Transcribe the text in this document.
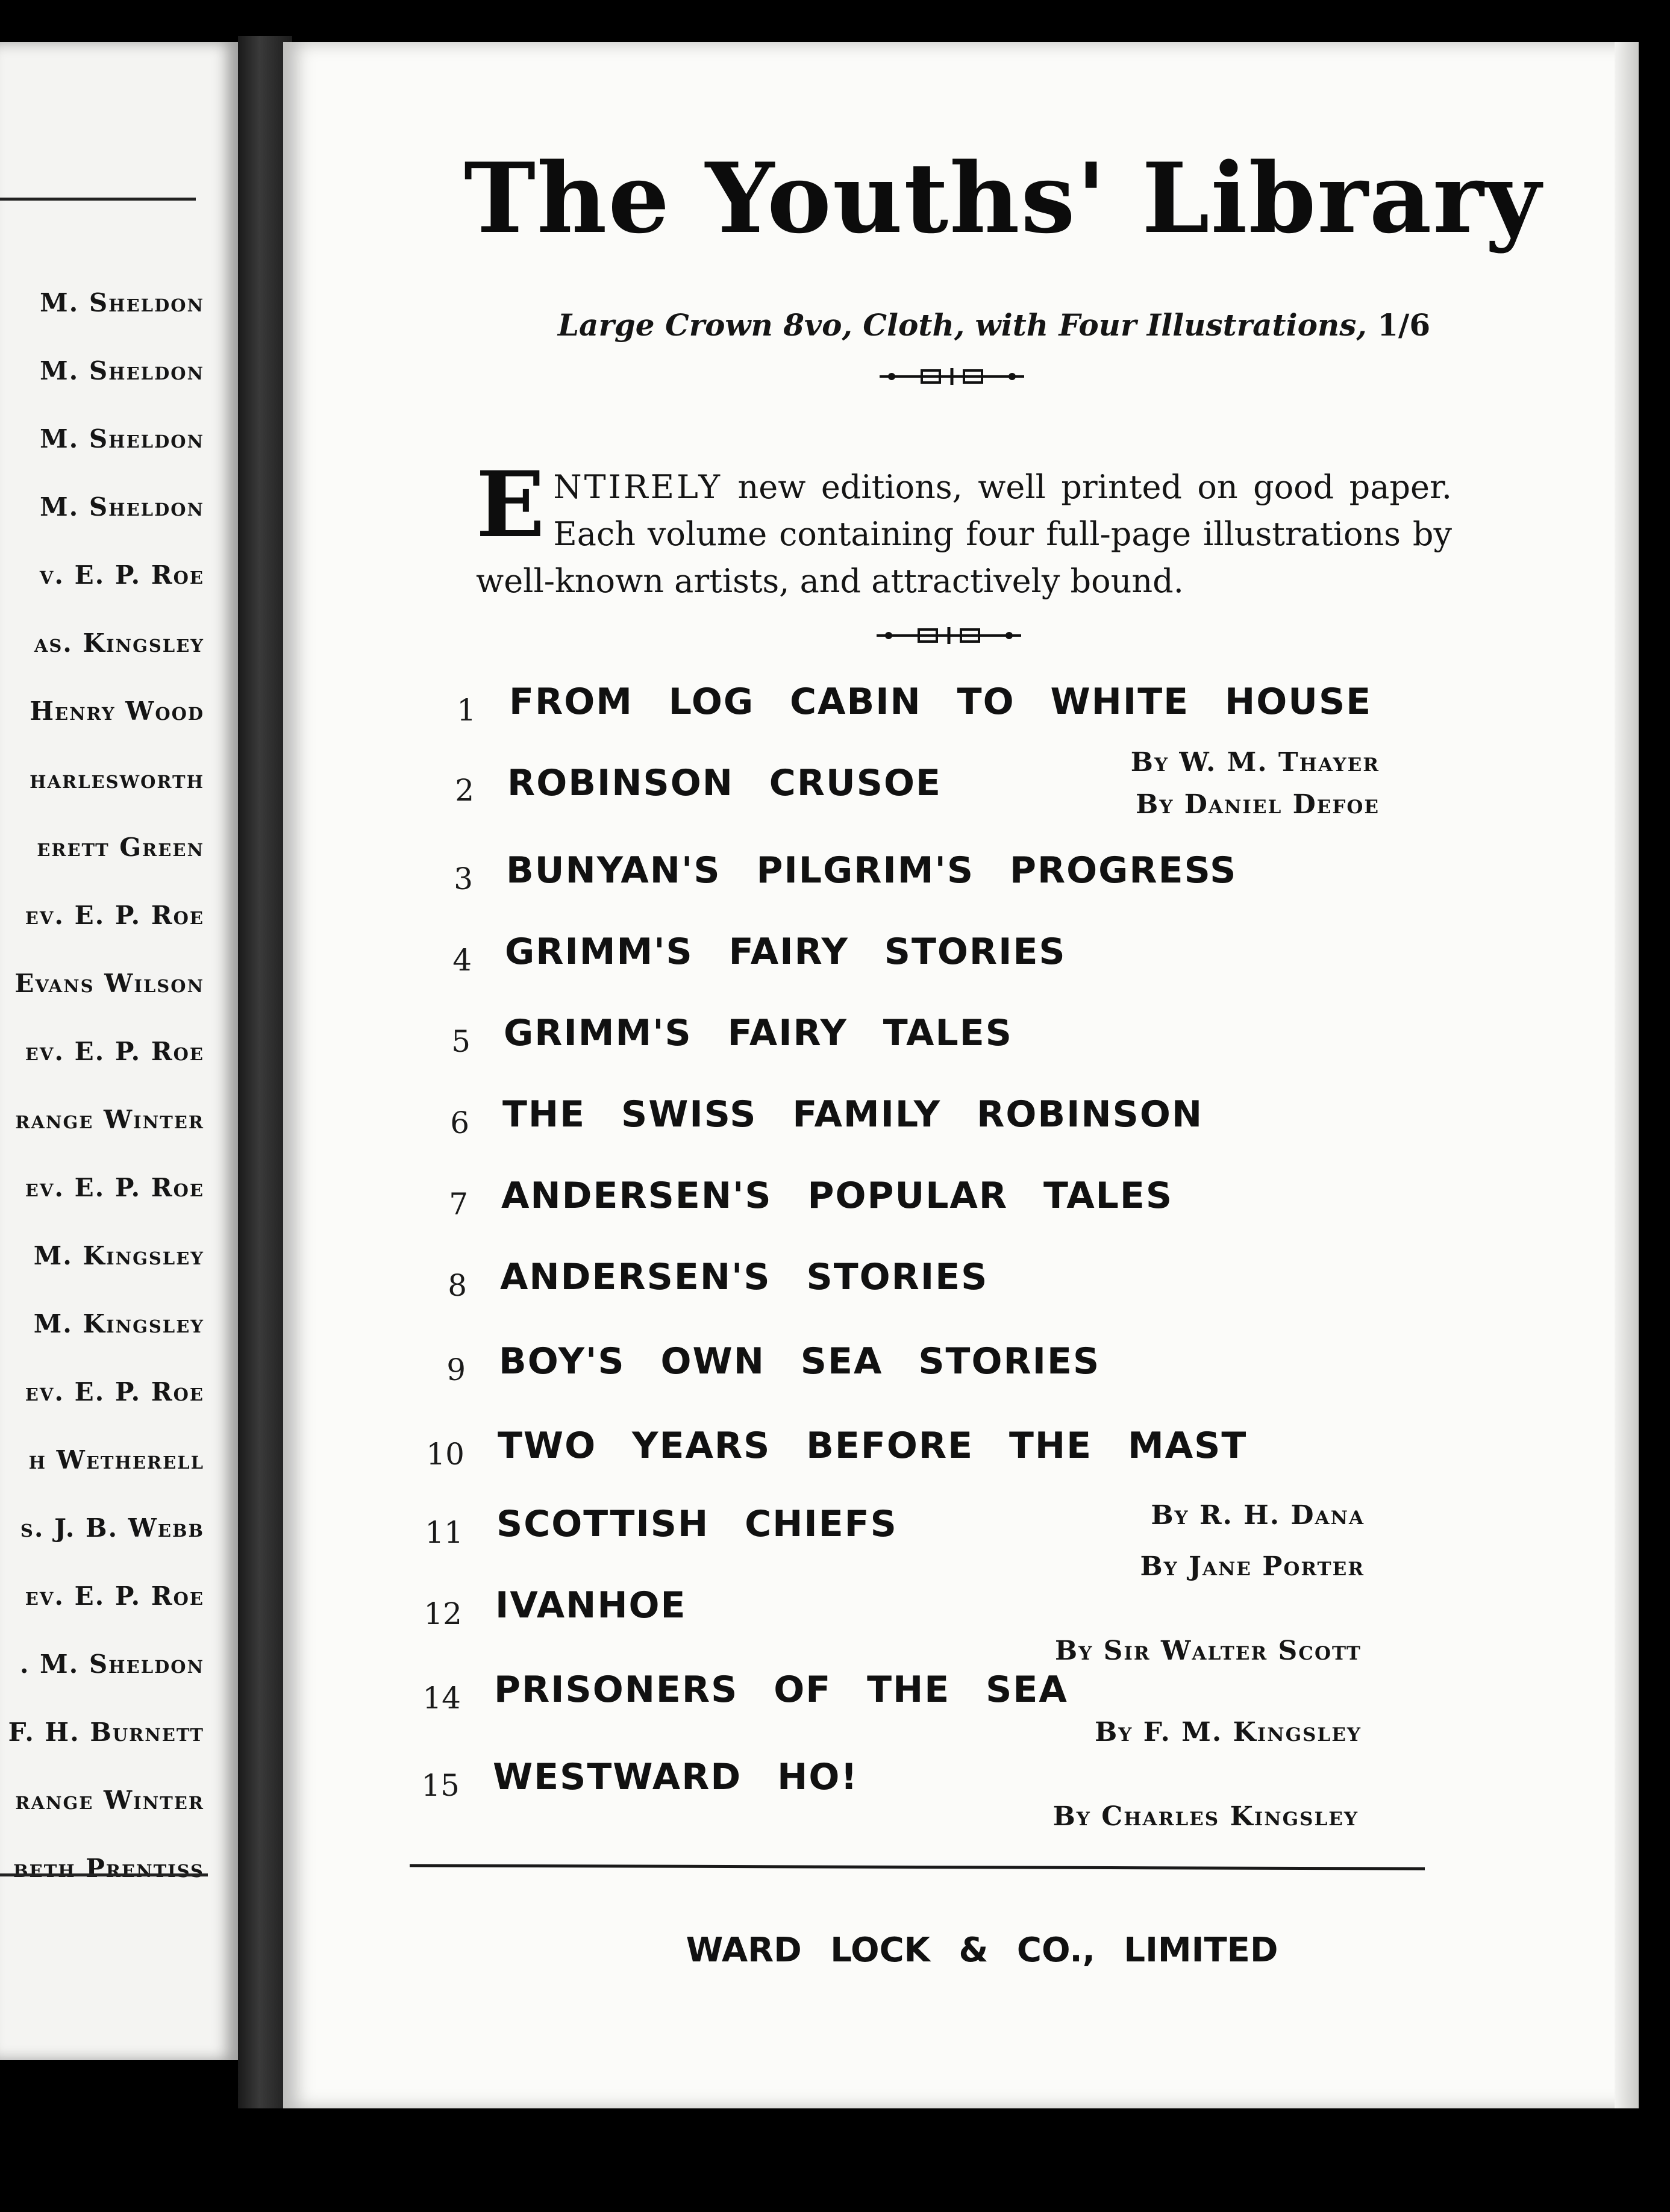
M. Sheldon
M. Sheldon
M. Sheldon
M. Sheldon
v. E. P. Roe
as. Kingsley
Henry Wood
harlesworth
erett Green
ev. E. P. Roe
Evans Wilson
ev. E. P. Roe
range Winter
ev. E. P. Roe
M. Kingsley
M. Kingsley
ev. E. P. Roe
h Wetherell
s. J. B. Webb
ev. E. P. Roe
. M. Sheldon
F. H. Burnett
range Winter
beth Prentiss
The Youths' Library
Large Crown 8vo, Cloth, with Four Illustrations, 1/6
ENTIRELY new editions, well printed on good paper. Each volume containing four full-page illustrations by well-known artists, and attractively bound.
1 FROM LOG CABIN TO WHITE HOUSE
By W. M. Thayer
2 ROBINSON CRUSOE
By Daniel Defoe
3 BUNYAN'S PILGRIM'S PROGRESS
4 GRIMM'S FAIRY STORIES
5 GRIMM'S FAIRY TALES
6 THE SWISS FAMILY ROBINSON
7 ANDERSEN'S POPULAR TALES
8 ANDERSEN'S STORIES
9 BOY'S OWN SEA STORIES
10 TWO YEARS BEFORE THE MAST
By R. H. Dana
11 SCOTTISH CHIEFS
By Jane Porter
12 IVANHOE
By Sir Walter Scott
14 PRISONERS OF THE SEA
By F. M. Kingsley
15 WESTWARD HO!
By Charles Kingsley
WARD LOCK & CO., LIMITED
